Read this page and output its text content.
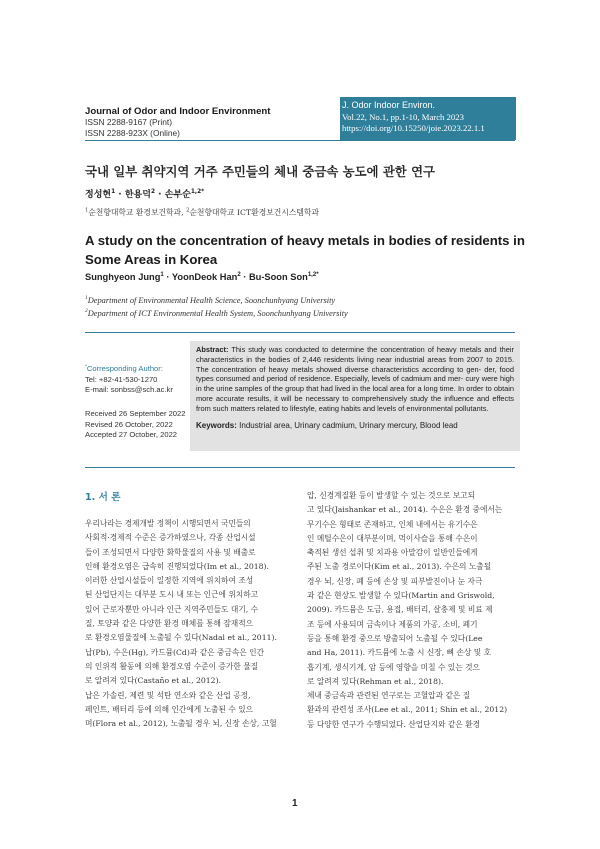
Journal of Odor and Indoor Environment
ISSN 2288-9167 (Print)
ISSN 2288-923X (Online)
J. Odor Indoor Environ.
Vol.22, No.1, pp.1-10, March 2023
https://doi.org/10.15250/joie.2023.22.1.1
국내 일부 취약지역 거주 주민들의 체내 중금속 농도에 관한 연구
정성현$^1$ · 한용덕$^2$ · 손부순$^{1,2*}$
$^1$순천향대학교 환경보건학과, $^2$순천향대학교 ICT환경보건시스템학과
A study on the concentration of heavy metals in bodies of residents in Some Areas in Korea
Sunghyeon Jung$^1$ · YoonDeok Han$^2$ · Bu-Soon Son$^{1,2*}$
$^1$Department of Environmental Health Science, Soonchunhyang University
$^2$Department of ICT Environmental Health System, Soonchunhyang University
*Corresponding Author:
Tel: +82-41-530-1270
E-mail: sonbss@sch.ac.kr
Received 26 September 2022
Revised 26 October, 2022
Accepted 27 October, 2022
Abstract: This study was conducted to determine the concentration of heavy metals and their characteristics in the bodies of 2,446 residents living near industrial areas from 2007 to 2015. The concentration of heavy metals showed diverse characteristics according to gen- der, food types consumed and period of residence. Especially, levels of cadmium and mer- cury were high in the urine samples of the group that had lived in the local area for a long time. In order to obtain more accurate results, it will be necessary to comprehensively study the influence and effects from such matters related to lifestyle, eating habits and levels of environmental pollutants.
Keywords: Industrial area, Urinary cadmium, Urinary mercury, Blood lead
1. 서 론

우리나라는 경제개발 정책이 시행되면서 국민들의

사회적·경제적 수준은 증가하였으나, 각종 산업시설

들이 조성되면서 다양한 화학물질의 사용 및 배출로

인해 환경오염은 급속히 진행되었다(Im et al., 2018).

이러한 산업시설들이 일정한 지역에 위치하여 조성

된 산업단지는 대부분 도시 내 또는 인근에 위치하고

있어 근로자뿐만 아니라 인근 지역주민들도 대기, 수

질, 토양과 같은 다양한 환경 매체를 통해 잠재적으

로 환경오염물질에 노출될 수 있다(Nadal et al., 2011).

납(Pb), 수은(Hg), 카드뮴(Cd)과 같은 중금속은 인간

의 인위적 활동에 의해 환경오염 수준이 증가한 물질

로 알려져 있다(Castaño et al., 2012).

납은 가솔린, 제련 및 석탄 연소와 같은 산업 공정,

페인트, 배터리 등에 의해 인간에게 노출된 수 있으

며(Flora et al., 2012), 노출될 경우 뇌, 신장 손상, 고혈

압, 신경계질환 등이 발생할 수 있는 것으로 보고되

고 있다(Jaishankar et al., 2014). 수은은 환경 중에서는

무기수은 형태로 존재하고, 인체 내에서는 유기수은

인 메틸수은이 대부분이며, 먹이사슬을 통해 수은이

축적된 생선 섭취 및 치과용 아말감이 일반인들에게

주된 노출 경로이다(Kim et al., 2013). 수은의 노출될

경우 뇌, 신장, 폐 등에 손상 및 피부발진이나 눈 자극

과 같은 현상도 발생할 수 있다(Martin and Griswold,

2009). 카드뮴은 도금, 용접, 배터리, 살충제 및 비료 제

조 등에 사용되며 금속이나 제품의 가공, 소비, 폐기

등을 통해 환경 중으로 방출되어 노출될 수 있다(Lee

and Ha, 2011). 카드뮴에 노출 시 신장, 뼈 손상 및 호

흡기계, 생식기계, 암 등에 영향을 미칠 수 있는 것으

로 알려져 있다(Rehman et al., 2018).

체내 중금속과 관련된 연구로는 고혈압과 같은 질

환과의 관련성 조사(Lee et al., 2011; Shin et al., 2012)

등 다양한 연구가 수행되었다. 산업단지와 같은 환경

1
